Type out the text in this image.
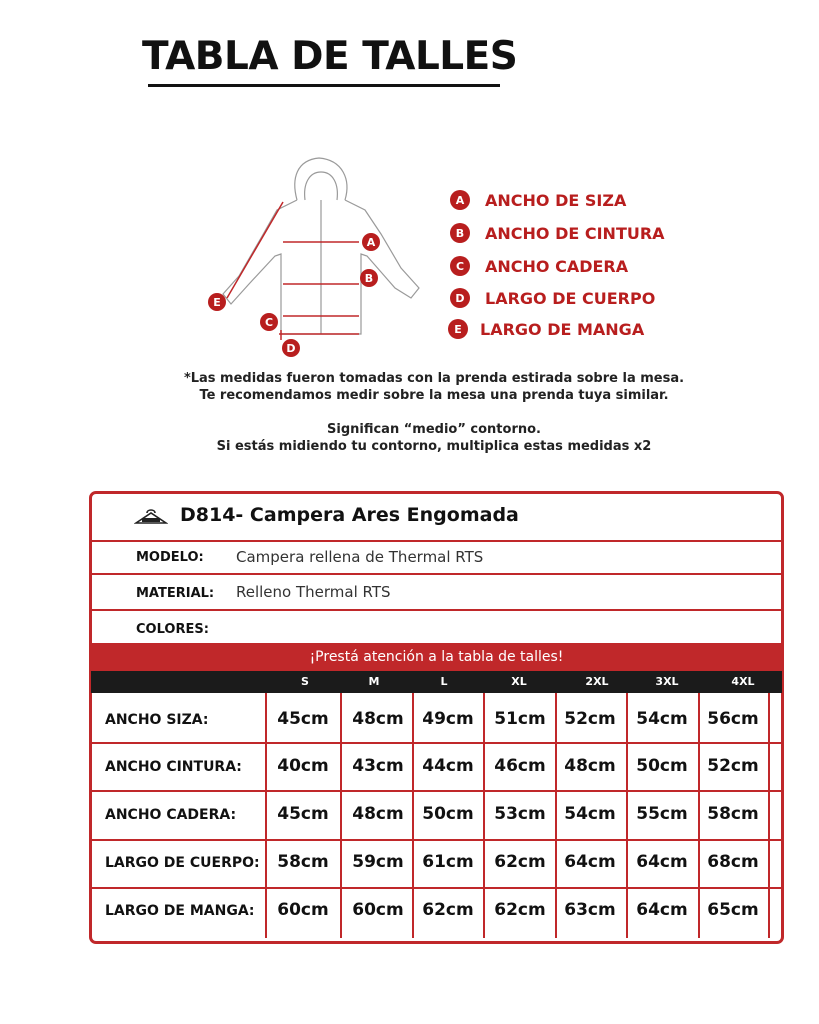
TABLA DE TALLES
A
B
C
D
E
A	ANCHO DE SIZA
B	ANCHO DE CINTURA
C	ANCHO CADERA
D	LARGO DE CUERPO
E	LARGO DE MANGA
*Las medidas fueron tomadas con la prenda estirada sobre la mesa.
Te recomendamos medir sobre la mesa una prenda tuya similar.
Significan “medio” contorno.
Si estás midiendo tu contorno, multiplica estas medidas x2
D814- Campera Ares Engomada
MODELO: Campera rellena de Thermal RTS
MATERIAL: Relleno Thermal RTS
COLORES:
¡Prestá atención a la tabla de talles!
S	M	L	XL	2XL	3XL	4XL
ANCHO SIZA:	45cm	48cm	49cm	51cm	52cm	54cm	56cm
ANCHO CINTURA:	40cm	43cm	44cm	46cm	48cm	50cm	52cm
ANCHO CADERA:	45cm	48cm	50cm	53cm	54cm	55cm	58cm
LARGO DE CUERPO:	58cm	59cm	61cm	62cm	64cm	64cm	68cm
LARGO DE MANGA:	60cm	60cm	62cm	62cm	63cm	64cm	65cm
